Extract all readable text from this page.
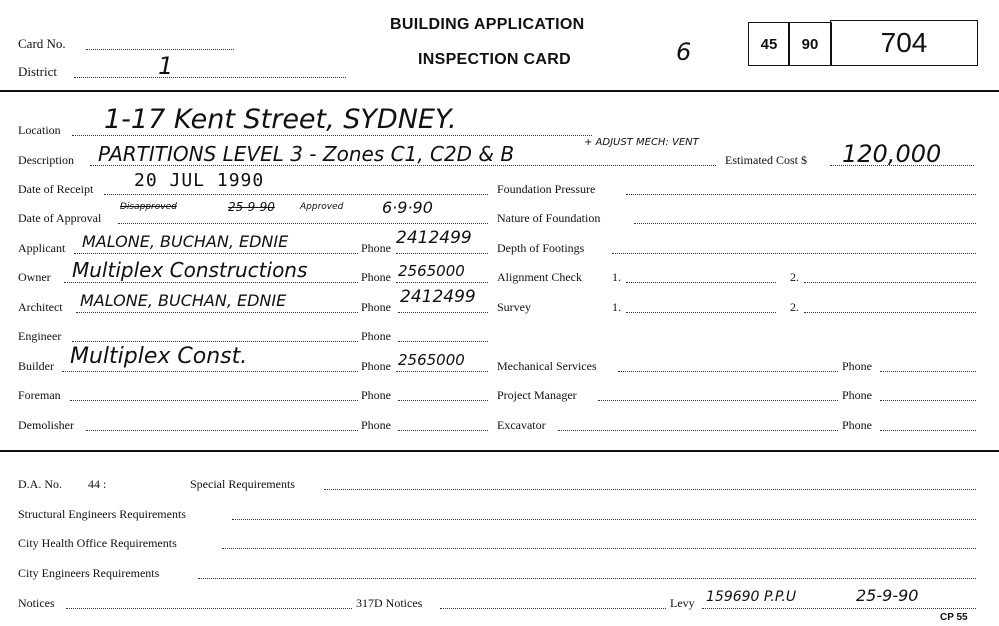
Card No.
District	1
BUILDING APPLICATION
INSPECTION CARD	6	45	90	704
Location 1-17 Kent Street, SYDNEY.
Description PARTITIONS LEVEL 3 - Zones C1, C2D & B	+ ADJUST MECH: VENT
Estimated Cost $ 120,000
Date of Receipt 20 JUL 1990
Date of Approval
Disapproved	25-9-90	Approved 6·9·90
Applicant MALONE, BUCHAN, EDNIE	Phone 2412499
Owner Multiplex Constructions	Phone 2565000
Architect MALONE, BUCHAN, EDNIE	Phone 2412499
Engineer	Phone
Builder Multiplex Const.	Phone 2565000
Foreman	Phone
Demolisher	Phone
Foundation Pressure
Nature of Foundation
Depth of Footings
Alignment Check	1.	2.
Survey	1.	2.
Mechanical Services	Phone
Project Manager	Phone
Excavator	Phone
D.A. No. 44 :	Special Requirements
Structural Engineers Requirements
City Health Office Requirements
City Engineers Requirements
Notices	317D Notices	Levy 159690 P.P.U	25-9-90
CP 55
